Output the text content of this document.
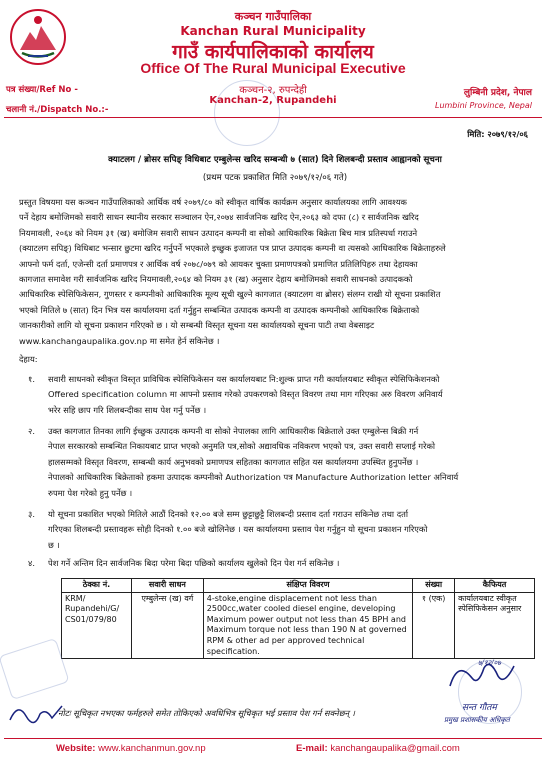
कञ्चन गाउँपालिका
Kanchan Rural Municipality
गाउँ कार्यपालिकाको कार्यालय
Office Of The Rural Municipal Executive
कञ्चन-२, रुपन्देही
Kanchan-2, Rupandehi
पत्र संख्या/Ref No -
चलानी नं./Dispatch No.:-
लुम्बिनी प्रदेश, नेपाल
Lumbini Province, Nepal
मिति: २०७९/१२/०६
क्याटलग / ब्रोसर सपिङ् विधिबाट एम्बुलेन्स खरिद सम्बन्धी ७ (सात) दिने शिलबन्दी प्रस्ताव आह्वानको सूचना
(प्रथम पटक प्रकाशित मिति २०७९/१२/०६ गते)
प्रस्तुत विषयमा यस कञ्चन गाउँपालिकाको आर्थिक वर्ष २०७९/८० को स्वीकृत वार्षिक कार्यक्रम अनुसार कार्यालयका लागि आवश्यक
पर्ने देहाय बमोजिमको सवारी साधन स्थानीय सरकार सञ्चालन ऐन,२०७४ सार्वजनिक खरिद ऐन,२०६३ को दफा (८) र सार्वजनिक खरिद
नियमावली, २०६४ को नियम ३१ (ख) बमोजिम सवारी साधन उत्पादन कम्पनी वा सोको आधिकारिक बिक्रेता बिच मात्र प्रतिस्पर्धा गराउने
(क्याटलग सपिङ्) विधिबाट भन्सार छुटमा खरिद गर्नुपर्ने भएकाले इच्छुक इजाजत पत्र प्राप्त उत्पादक कम्पनी वा त्यसको आधिकारिक बिक्रेताहरुले
आफ्नो फर्म दर्ता, एजेन्सी दर्ता प्रमाणपत्र र आर्थिक वर्ष २०७८/०७९ को आयकर चुक्ता प्रमाणपत्रको प्रमाणित प्रतिलिपिहरु तथा देहायका
कागजात समावेश गरी सार्वजनिक खरिद नियमावली,२०६४ को नियम ३१ (ख) अनुसार देहाय बमोजिमको सवारी साधनको उत्पादकको
आधिकारिक स्पेसिफिकेसन, गुणस्तर र कम्पनीको आधिकारिक मूल्य सूची खुल्ने कागजात (क्याटलग वा ब्रोसर) संलग्न राखी यो सूचना प्रकाशित
भएको मितिले ७ (सात) दिन भित्र यस कार्यालयमा दर्ता गर्नुहुन सम्बन्धित उत्पादक कम्पनी वा उत्पादक कम्पनीको आधिकारिक बिक्रेताको
जानकारीको लागि यो सूचना प्रकाशन गरिएको छ । यो सम्बन्धी विस्तृत सूचना यस कार्यालयको सूचना पाटी तथा वेबसाइट
www.kanchangaupalika.gov.np मा समेत हेर्न सकिनेछ ।
देहाय:
१. सवारी साधनको स्वीकृत विस्तृत प्राविधिक स्पेसिफिकेसन यस कार्यालयबाट नि:शुल्क प्राप्त गरी कार्यालयबाट स्वीकृत स्पेसिफिकेशनको
Offered specification column मा आफ्नो प्रस्ताव गरेको उपकरणको विस्तृत विवरण तथा माग गरिएका अरु विवरण अनिवार्य
भरेर सहि छाप गरि शिलबन्दीका साथ पेश गर्नु पर्नेछ ।
२. उक्त कागजात तिनका लागि ईच्छुक उत्पादक कम्पनी वा सोको नेपालका लागि आधिकारीक बिक्रेताले उक्त एम्बुलेन्स बिक्री गर्न
नेपाल सरकारको सम्बन्धित निकायबाट प्राप्त भएको अनुमति पत्र,सोको अद्यावधिक नविकरण भएको पत्र, उक्त सवारी सप्लाई गरेको
हालसम्मको विस्तृत विवरण, सम्बन्धी कार्य अनुभवको प्रमाणपत्र सहितका कागजात सहित यस कार्यालयमा उपस्थित हुनुपर्नेछ ।
नेपालको आधिकारिक बिक्रेताको हकमा उत्पादक कम्पनीको Authorization पत्र Manufacture Authorization letter अनिवार्य
रुपमा पेश गरेको हुनु पर्नेछ ।
३. यो सूचना प्रकाशित भएको मितिले आठौं दिनको १२.०० बजे सम्म छुट्टाछुट्टै शिलबन्दी प्रस्ताव दर्ता गराउन सकिनेछ तथा दर्ता
गरिएका शिलबन्दी प्रस्तावहरू सोही दिनको १.०० बजे खोलिनेछ । यस कार्यालयमा प्रस्ताव पेश गर्नुहुन यो सूचना प्रकाशन गरिएको
छ ।
४. पेश गर्ने अन्तिम दिन सार्वजनिक बिदा परेमा बिदा पछिको कार्यालय खुलेको दिन पेश गर्न सकिनेछ ।
ठेक्का नं.	सवारी साधन	संक्षिप्त विवरण	संख्या	कैफियत
KRM/ Rupandehi/G/ CS01/079/80	एम्बुलेन्स (ख) वर्ग	4-stoke,engine displacement not less than 2500cc,water cooled diesel engine, developing Maximum power output not less than 45 BPH and Maximum torque not less than 190 N at governed RPM & other ad per approved technical specification.	१ (एक)	कार्यालयबाट स्वीकृत स्पेसिफिकेसन अनुसार
नोटः सूचिकृत नभएका फर्महरुले समेत तोकिएको अवधिभित्र सूचिकृत भई प्रस्ताव पेश गर्न सक्नेछन् ।
७/१२/०७
सन्त गौतम
प्रमुख प्रशासकीय अधिकृत
Website: www.kanchanmun.gov.np	E-mail: kanchangaupalika@gmail.com
